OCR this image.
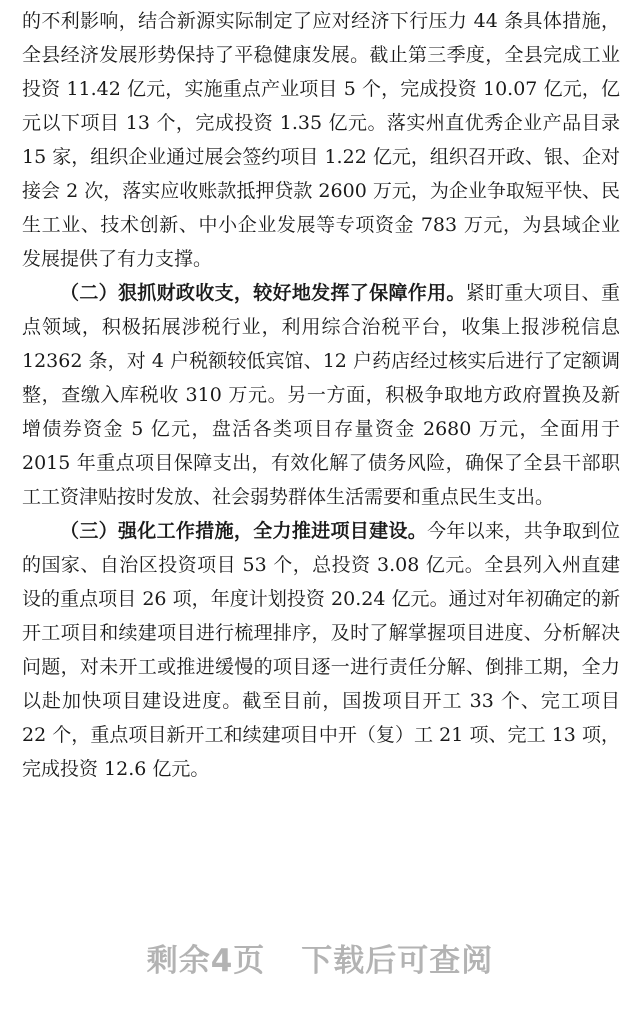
的不利影响，结合新源实际制定了应对经济下行压力 44 条具体措施，全县经济发展形势保持了平稳健康发展。截止第三季度，全县完成工业投资 11.42 亿元，实施重点产业项目 5 个，完成投资 10.07 亿元，亿元以下项目 13 个，完成投资 1.35 亿元。落实州直优秀企业产品目录 15 家，组织企业通过展会签约项目 1.22 亿元，组织召开政、银、企对接会 2 次，落实应收账款抵押贷款 2600 万元，为企业争取短平快、民生工业、技术创新、中小企业发展等专项资金 783 万元，为县域企业发展提供了有力支撑。

（二）狠抓财政收支，较好地发挥了保障作用。紧盯重大项目、重点领域，积极拓展涉税行业，利用综合治税平台，收集上报涉税信息 12362 条，对 4 户税额较低宾馆、12 户药店经过核实后进行了定额调整，查缴入库税收 310 万元。另一方面，积极争取地方政府置换及新增债券资金 5 亿元，盘活各类项目存量资金 2680 万元，全面用于 2015 年重点项目保障支出，有效化解了债务风险，确保了全县干部职工工资津贴按时发放、社会弱势群体生活需要和重点民生支出。

（三）强化工作措施，全力推进项目建设。今年以来，共争取到位的国家、自治区投资项目 53 个，总投资 3.08 亿元。全县列入州直建设的重点项目 26 项，年度计划投资 20.24 亿元。通过对年初确定的新开工项目和续建项目进行梳理排序，及时了解掌握项目进度、分析解决问题，对未开工或推进缓慢的项目逐一进行责任分解、倒排工期，全力以赴加快项目建设进度。截至目前，国拨项目开工 33 个、完工项目 22 个，重点项目新开工和续建项目中开（复）工 21 项、完工 13 项，完成投资 12.6 亿元。

剩余4页 下载后可查阅
